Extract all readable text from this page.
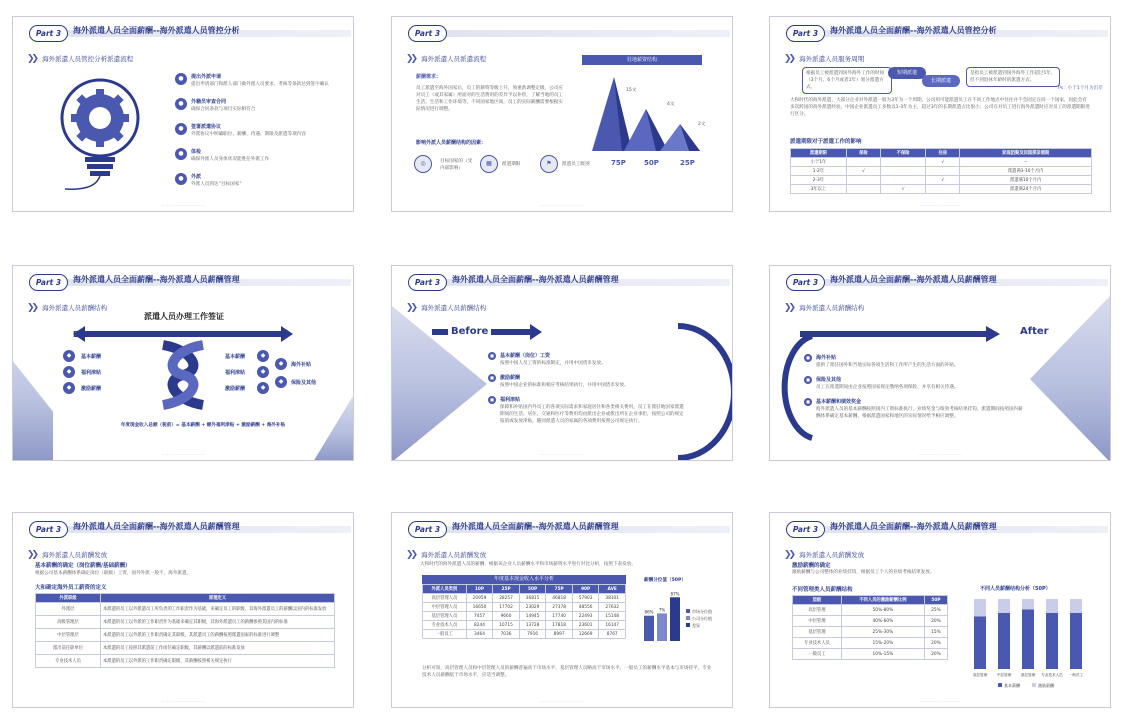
Part 3	海外派遣人员全面薪酬--海外派遣人员管控分析
❯❯ 海外派遣人员管控分析派遣流程
●	提出外派申请
提出申请部门和派人部门做外派人员要求、考核等条款达到签字确认
●	外籍员审查合同
确保合同条款与项目实际相符合
●	签署派遣协议
外派协议中明确职位、薪酬、待遇、期限及派遣等项内容
●	体检
确保外派人员身体状况能胜任外派工作
●	外派
外派人员到达“目标国家”
— — — — — — — — — — —
Part 3
❯❯ 海外派遣人员派遣流程
薪酬需求：
员工派遣至海外国家后，员工的薪资等级上升，须重新调整定级，公司应对员工（或其家属）所面对的生活费用的差异予以补偿，了解当地的员工生活、生活和工作环境等，不同国家地区间，员工的实际薪酬需要根据实际情况进行调整。
影响外派人员薪酬结构的因素：
◎	目标国家的（受内部影响）
▦	派遣期限	⚑	派遣员工级别
驻地薪资结构
15文
4文
2文
75P	50P	25P
— — — — — — — — — — —
Part 3	海外派遣人员全面薪酬--海外派遣人员管控分析
❯❯ 海外派遣人员服务周期
根据员工被派遣到国外海外工作的时间（3个月、6个月或者1年）划分派遣方式。
短期派遣
长期派遣
是指员工被派遣到国外海外工作超过1年，但不到退休年龄时的派遣方式。
Ps：小于1个月为出差
大和时代的海外派遣，大部分企业对外派遣一般为3年为一个周期，公司用可能派遣员工在不同工作地点中往往并不会固定在同一个国家，因此会有多次跨国的海外派遣经验，中国企业派遣员工多数以1-3年为主，超过3年的长期派遣占比很小；公司在对员工进行海外派遣时应对员工的派遣期限进行区分。
派遣期限对于派遣工作的影响
派遣期限	保险	不保险	住房	家庭团聚及回国探亲假期
小于1年			√	--
1-2年	√			派遣满3-10个月内
2-3年			√	派遣满10个月内
3年以上		√		派遣满24个月内
— — — — — — — — — — —
Part 3	海外派遣人员全面薪酬--海外派遣人员薪酬管理
❯❯ 海外派遣人员薪酬结构
派遣人员办理工作签证
Before	After
◆	基本薪酬
◆	福利津贴
◆	激励薪酬
◆
基本薪酬
◆
福利津贴
◆
激励薪酬
◆	海外补贴
◆	保险及其他
年度现金收入总额（税前）= 基本薪酬 + 额外福利津贴 + 激励薪酬 + 海外补贴
— — — — — — — — — — —
Part 3	海外派遣人员全面薪酬--海外派遣人员薪酬管理
❯❯ 海外派遣人员薪酬结构
Before
■	基本薪酬（岗位）工资
按照中国人员工资的标准制定，并用中国货币发放。
■	激励薪酬
按照中国企业的标准和相应考核结果执行，并用中国货币发放。
■	福利津贴
保障和补贴国内外员工的各项实际需求和家庭居住和各类相关费用，员工在派驻地国家派遣期间的生活、居住，交通和医疗等费用均由派出企业或派出所在企业承担，按照公司的规定报销或发放津贴，随同派遣人员的家属的各项费用按照公司规定执行。
— — — — — — — — — — —
Part 3	海外派遣人员全面薪酬--海外派遣人员薪酬管理
❯❯ 海外派遣人员薪酬结构
After
■	海外补贴
提供了派驻国外和当地实际各项生活和工作所产生的生活方面的补贴。
■	保险及其他
员工在派遣期间由企业按照国家规定缴纳各项保险，并享有相关待遇。
■	基本薪酬和绩效奖金
海外派遣人员的基本薪酬按照国内工资标准执行，业绩奖金与绩效考核结果挂钩，派遣期间按照国内薪酬体系确定基本薪酬，根据派遣国家和地区的实际情况给予相应调整。
— — — — — — — — — — —
Part 3	海外派遣人员全面薪酬--海外派遣人员薪酬管理
❯❯ 海外派遣人员薪酬发放
基本薪酬的确定（岗位薪酬/基础薪酬）
根据公司基本薪酬体系确定岗位（职级）工资，国外外派一般不，海外派遣。
大和确定海外员工薪资的定义
外派职级	原理定义
外派层	本派遣的员工以外派遣员工所负责的工作职责作为基础，来确定员工的职级，其海外派遣员工的薪酬以国内的标准发放
高级管理层	本派遣的员工以外派的工作职责作为基础来确定其职级，其海外派遣员工的薪酬参照其国内的标准
中层管理层	本派遣的员工以外派的工作职责确定其职级，其派遣员工的薪酬按照派遣国家的标准进行调整
派出前任职单位	本派遣的员工按照其派遣前工作岗位确定职级，其薪酬以派遣前的标准发放
专业技术人员	本派遣的员工以外派的工作职责确定职级，其薪酬按照相关规定执行
— — — — — — — — — — —
Part 3	海外派遣人员全面薪酬--海外派遣人员薪酬管理
❯❯ 海外派遣人员薪酬发放
大和时代的海外派遣人员的薪酬，根据该企业人员薪酬水平和市场薪资水平进行对比分析，按照下表发放。
年度基本现金收入水平分析
外派人员类别	10P	25P	50P	75P	90P	AVE
高层管理人员	20959	28257	36815	46818	57903	38101
中层管理人员	16650	17702	23029	27378	48556	27632
基层管理人员	7457	9660	14945	17740	22493	15148
专业技术人员	8244	10715	13728	17818	23601	16147
一般员工	3464	7036	7916	8997	12669	8767
薪酬分位值（50P）
86% 7%
87%
市场分位值
公司分位值
差异
分析可知，高层管理人员和中层管理人员的薪酬普遍高于市场水平，基层管理人员略高于市场水平。一般员工的薪酬水平基本与市场持平，专业技术人员薪酬低于市场水平，应适当调整。
— — — — — — — — — — —
Part 3	海外派遣人员全面薪酬--海外派遣人员薪酬管理
❯❯ 海外派遣人员薪酬发放
激励薪酬的确定
激励薪酬与公司整体的业绩挂钩，根据员工个人的业绩考核结果发放。
不同管理类人员薪酬结构
层级	不同人员的激励薪酬比例	50P
高层管理	50%-80%	25%
中层管理	40%-60%	20%
基层管理	25%-30%	15%
专业技术人员	15%-20%	20%
一般员工	10%-15%	20%
不同人员薪酬结构分析（50P）
高层管理	中层管理	基层管理 专业技术人员 一般员工
基本薪酬	激励薪酬
— — — — — — — — — — —
